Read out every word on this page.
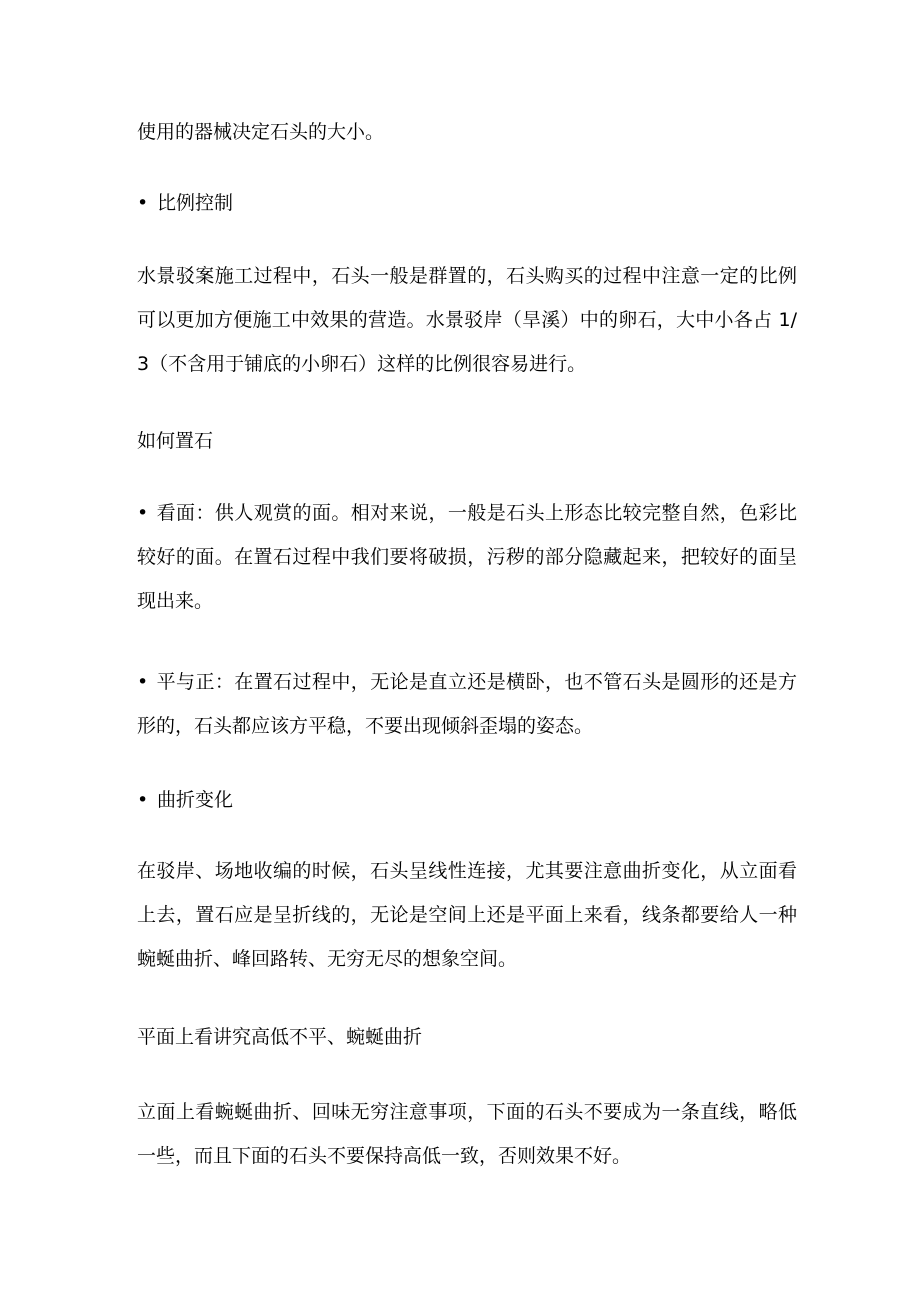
使用的器械决定石头的大小。

• 比例控制

水景驳案施工过程中，石头一般是群置的，石头购买的过程中注意一定的比例可以更加方便施工中效果的营造。水景驳岸（旱溪）中的卵石，大中小各占 1/3（不含用于铺底的小卵石）这样的比例很容易进行。

如何置石

• 看面：供人观赏的面。相对来说，一般是石头上形态比较完整自然，色彩比较好的面。在置石过程中我们要将破损，污秽的部分隐藏起来，把较好的面呈现出来。

• 平与正：在置石过程中，无论是直立还是横卧，也不管石头是圆形的还是方形的，石头都应该方平稳，不要出现倾斜歪塌的姿态。

• 曲折变化

在驳岸、场地收编的时候，石头呈线性连接，尤其要注意曲折变化，从立面看上去，置石应是呈折线的，无论是空间上还是平面上来看，线条都要给人一种蜿蜒曲折、峰回路转、无穷无尽的想象空间。

平面上看讲究高低不平、蜿蜒曲折

立面上看蜿蜒曲折、回味无穷注意事项，下面的石头不要成为一条直线，略低一些，而且下面的石头不要保持高低一致，否则效果不好。
